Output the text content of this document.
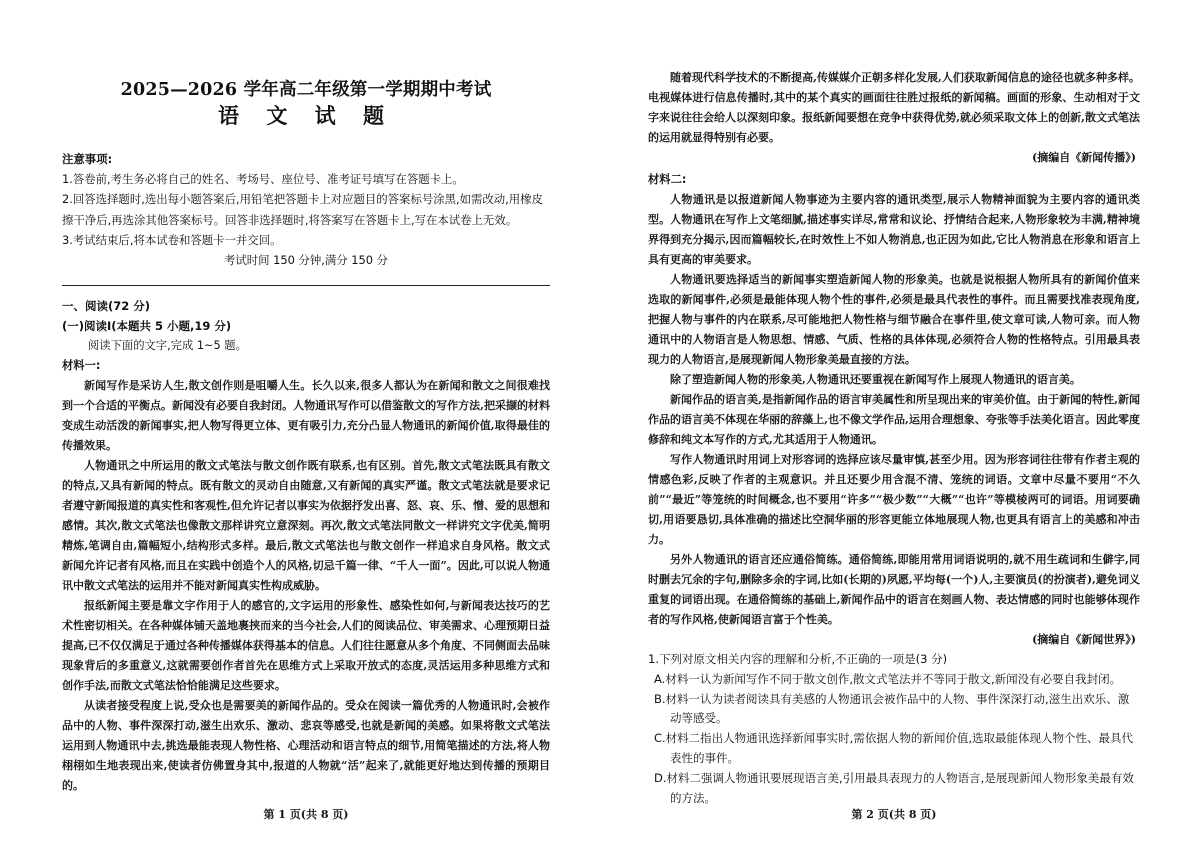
2025—2026 学年高二年级第一学期期中考试
语 文 试 题
注意事项:
1.答卷前,考生务必将自己的姓名、考场号、座位号、准考证号填写在答题卡上。
2.回答选择题时,选出每小题答案后,用铅笔把答题卡上对应题目的答案标号涂黑,如需改动,用橡皮擦干净后,再选涂其他答案标号。回答非选择题时,将答案写在答题卡上,写在本试卷上无效。
3.考试结束后,将本试卷和答题卡一并交回。
考试时间 150 分钟,满分 150 分
一、阅读(72 分)
(一)阅读Ⅰ(本题共 5 小题,19 分)
阅读下面的文字,完成 1~5 题。
材料一:

新闻写作是采访人生,散文创作则是咀嚼人生。长久以来,很多人都认为在新闻和散文之间很难找到一个合适的平衡点。新闻没有必要自我封闭。人物通讯写作可以借鉴散文的写作方法,把采撷的材料变成生动活泼的新闻事实,把人物写得更立体、更有吸引力,充分凸显人物通讯的新闻价值,取得最佳的传播效果。

人物通讯之中所运用的散文式笔法与散文创作既有联系,也有区别。首先,散文式笔法既具有散文的特点,又具有新闻的特点。既有散文的灵动自由随意,又有新闻的真实严谨。散文式笔法就是要求记者遵守新闻报道的真实性和客观性,但允许记者以事实为依据抒发出喜、怒、哀、乐、憎、爱的思想和感情。其次,散文式笔法也像散文那样讲究立意深刻。再次,散文式笔法同散文一样讲究文字优美,简明精炼,笔调自由,篇幅短小,结构形式多样。最后,散文式笔法也与散文创作一样追求自身风格。散文式新闻允许记者有风格,而且在实践中创造个人的风格,切忌千篇一律、“千人一面”。因此,可以说人物通讯中散文式笔法的运用并不能对新闻真实性构成威胁。

报纸新闻主要是靠文字作用于人的感官的,文字运用的形象性、感染性如何,与新闻表达技巧的艺术性密切相关。在各种媒体铺天盖地裹挟而来的当今社会,人们的阅读品位、审美需求、心理预期日益提高,已不仅仅满足于通过各种传播媒体获得基本的信息。人们往往愿意从多个角度、不同侧面去品味现象背后的多重意义,这就需要创作者首先在思维方式上采取开放式的态度,灵活运用多种思维方式和创作手法,而散文式笔法恰恰能满足这些要求。

从读者接受程度上说,受众也是需要美的新闻作品的。受众在阅读一篇优秀的人物通讯时,会被作品中的人物、事件深深打动,滋生出欢乐、激动、悲哀等感受,也就是新闻的美感。如果将散文式笔法运用到人物通讯中去,挑选最能表现人物性格、心理活动和语言特点的细节,用简笔描述的方法,将人物栩栩如生地表现出来,使读者仿佛置身其中,报道的人物就“活”起来了,就能更好地达到传播的预期目的。

第 1 页(共 8 页)

随着现代科学技术的不断提高,传媒媒介正朝多样化发展,人们获取新闻信息的途径也就多种多样。电视媒体进行信息传播时,其中的某个真实的画面往往胜过报纸的新闻稿。画面的形象、生动相对于文字来说往往会给人以深刻印象。报纸新闻要想在竞争中获得优势,就必须采取文体上的创新,散文式笔法的运用就显得特别有必要。

(摘编自《新闻传播》)
材料二:

人物通讯是以报道新闻人物事迹为主要内容的通讯类型,展示人物精神面貌为主要内容的通讯类型。人物通讯在写作上文笔细腻,描述事实详尽,常常和议论、抒情结合起来,人物形象较为丰满,精神境界得到充分揭示,因而篇幅较长,在时效性上不如人物消息,也正因为如此,它比人物消息在形象和语言上具有更高的审美要求。

人物通讯要选择适当的新闻事实塑造新闻人物的形象美。也就是说根据人物所具有的新闻价值来选取的新闻事件,必须是最能体现人物个性的事件,必须是最具代表性的事件。而且需要找准表现角度,把握人物与事件的内在联系,尽可能地把人物性格与细节融合在事件里,使文章可读,人物可亲。而人物通讯中的人物语言是人物思想、情感、气质、性格的具体体现,必须符合人物的性格特点。引用最具表现力的人物语言,是展现新闻人物形象美最直接的方法。

除了塑造新闻人物的形象美,人物通讯还要重视在新闻写作上展现人物通讯的语言美。

新闻作品的语言美,是指新闻作品的语言审美属性和所呈现出来的审美价值。由于新闻的特性,新闻作品的语言美不体现在华丽的辞藻上,也不像文学作品,运用合理想象、夸张等手法美化语言。因此零度修辞和纯文本写作的方式,尤其适用于人物通讯。

写作人物通讯时用词上对形容词的选择应该尽量审慎,甚至少用。因为形容词往往带有作者主观的情感色彩,反映了作者的主观意识。并且还要少用含混不清、笼统的词语。文章中尽量不要用“不久前”“最近”等笼统的时间概念,也不要用“许多”“极少数”“大概”“也许”等模棱两可的词语。用词要确切,用语要恳切,具体准确的描述比空洞华丽的形容更能立体地展现人物,也更具有语言上的美感和冲击力。

另外人物通讯的语言还应通俗简练。通俗简练,即能用常用词语说明的,就不用生疏词和生僻字,同时删去冗余的字句,删除多余的字词,比如(长期的)夙愿,平均每(一个)人,主要演员(的扮演者),避免词义重复的词语出现。在通俗简练的基础上,新闻作品中的语言在刻画人物、表达情感的同时也能够体现作者的写作风格,使新闻语言富于个性美。

(摘编自《新闻世界》)
1.下列对原文相关内容的理解和分析,不正确的一项是(3 分)
A.材料一认为新闻写作不同于散文创作,散文式笔法并不等同于散文,新闻没有必要自我封闭。
B.材料一认为读者阅读具有美感的人物通讯会被作品中的人物、事件深深打动,滋生出欢乐、激动等感受。
C.材料二指出人物通讯选择新闻事实时,需依据人物的新闻价值,选取最能体现人物个性、最具代表性的事件。
D.材料二强调人物通讯要展现语言美,引用最具表现力的人物语言,是展现新闻人物形象美最有效的方法。
第 2 页(共 8 页)
